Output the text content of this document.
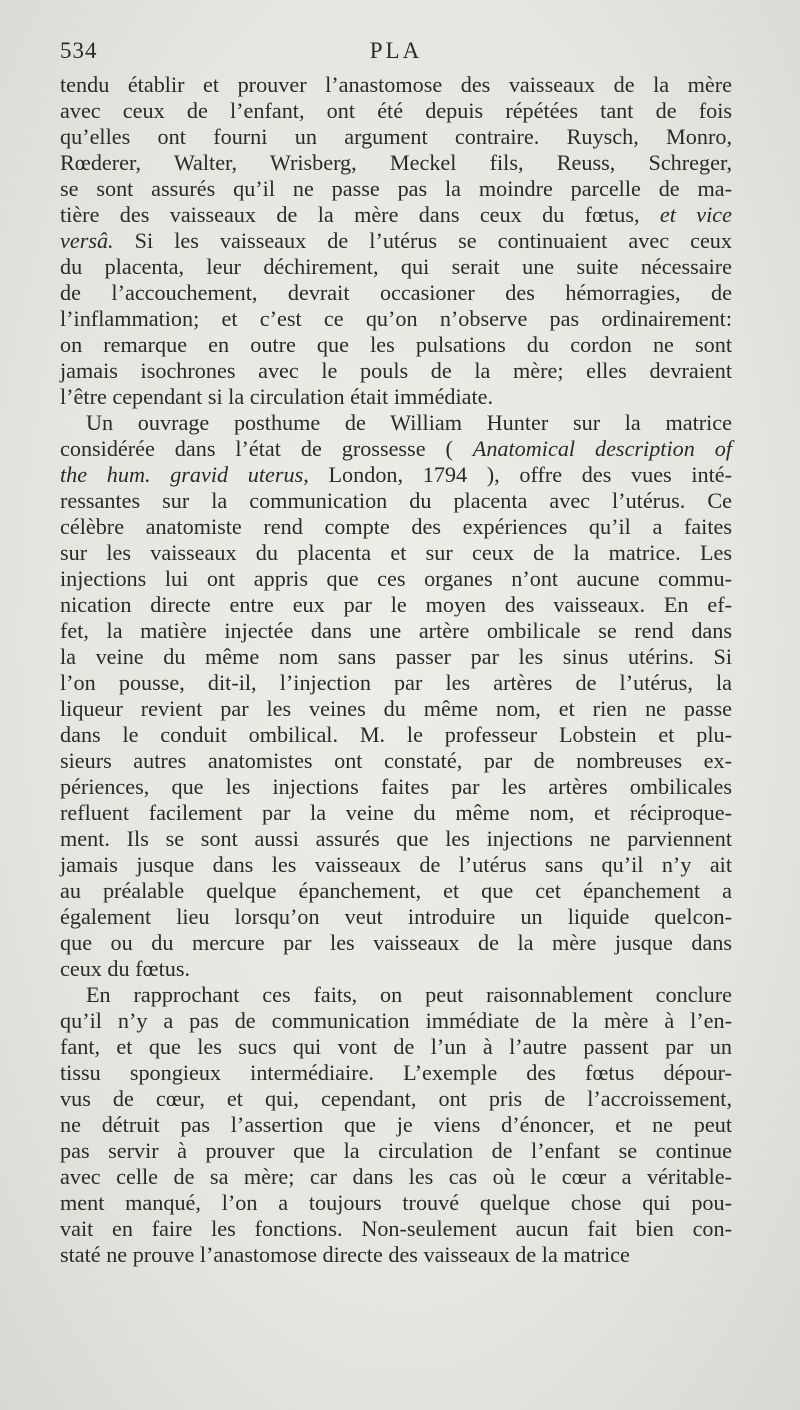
534	PLA
tendu établir et prouver l’anastomose des vaisseaux de la mère
avec ceux de l’enfant, ont été depuis répétées tant de fois
qu’elles ont fourni un argument contraire. Ruysch, Monro,
Rœderer, Walter, Wrisberg, Meckel fils, Reuss, Schreger,
se sont assurés qu’il ne passe pas la moindre parcelle de ma-
tière des vaisseaux de la mère dans ceux du fœtus, et vice
versâ. Si les vaisseaux de l’utérus se continuaient avec ceux
du placenta, leur déchirement, qui serait une suite nécessaire
de l’accouchement, devrait occasioner des hémorragies, de
l’inflammation; et c’est ce qu’on n’observe pas ordinairement:
on remarque en outre que les pulsations du cordon ne sont
jamais isochrones avec le pouls de la mère; elles devraient
l’être cependant si la circulation était immédiate.
Un ouvrage posthume de William Hunter sur la matrice
considérée dans l’état de grossesse ( Anatomical description of
the hum. gravid uterus, London, 1794 ), offre des vues inté-
ressantes sur la communication du placenta avec l’utérus. Ce
célèbre anatomiste rend compte des expériences qu’il a faites
sur les vaisseaux du placenta et sur ceux de la matrice. Les
injections lui ont appris que ces organes n’ont aucune commu-
nication directe entre eux par le moyen des vaisseaux. En ef-
fet, la matière injectée dans une artère ombilicale se rend dans
la veine du même nom sans passer par les sinus utérins. Si
l’on pousse, dit-il, l’injection par les artères de l’utérus, la
liqueur revient par les veines du même nom, et rien ne passe
dans le conduit ombilical. M. le professeur Lobstein et plu-
sieurs autres anatomistes ont constaté, par de nombreuses ex-
périences, que les injections faites par les artères ombilicales
refluent facilement par la veine du même nom, et réciproque-
ment. Ils se sont aussi assurés que les injections ne parviennent
jamais jusque dans les vaisseaux de l’utérus sans qu’il n’y ait
au préalable quelque épanchement, et que cet épanchement a
également lieu lorsqu’on veut introduire un liquide quelcon-
que ou du mercure par les vaisseaux de la mère jusque dans
ceux du fœtus.
En rapprochant ces faits, on peut raisonnablement conclure
qu’il n’y a pas de communication immédiate de la mère à l’en-
fant, et que les sucs qui vont de l’un à l’autre passent par un
tissu spongieux intermédiaire. L’exemple des fœtus dépour-
vus de cœur, et qui, cependant, ont pris de l’accroissement,
ne détruit pas l’assertion que je viens d’énoncer, et ne peut
pas servir à prouver que la circulation de l’enfant se continue
avec celle de sa mère; car dans les cas où le cœur a véritable-
ment manqué, l’on a toujours trouvé quelque chose qui pou-
vait en faire les fonctions. Non-seulement aucun fait bien con-
staté ne prouve l’anastomose directe des vaisseaux de la matrice
